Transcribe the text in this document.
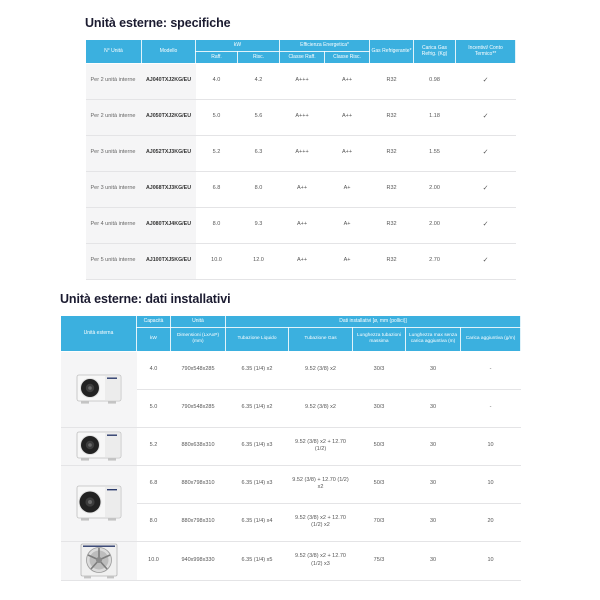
Unità esterne: specifiche
N° Unità	Modello	kW		Efficienza Energetica*		Gas Refrigerante*	Carica Gas Refrig. (Kg)	Incentivi/ Conto Termico**
		Raff.	Risc.	Classe Raff.	Classe Risc.			
Per 2 unità interne	AJ040TXJ2KG/EU	4.0	4.2	A+++	A++	R32	0.98	✓
Per 2 unità interne	AJ050TXJ2KG/EU	5.0	5.6	A+++	A++	R32	1.18	✓
Per 3 unità interne	AJ052TXJ3KG/EU	5.2	6.3	A+++	A++	R32	1.55	✓
Per 3 unità interne	AJ068TXJ3KG/EU	6.8	8.0	A++	A+	R32	2.00	✓
Per 4 unità interne	AJ080TXJ4KG/EU	8.0	9.3	A++	A+	R32	2.00	✓
Per 5 unità interne	AJ100TXJ5KG/EU	10.0	12.0	A++	A+	R32	2.70	✓
Unità esterne: dati installativi
Unità esterna	Capacità	Unità	Dati installativi [ø, mm (pollici)]				
	kW	Dimensioni (LxAxP) (mm)	Tubazione Liquido	Tubazione Gas	Lunghezza tubazioni massima	Lunghezza max senza carica aggiuntiva (m)	Carica aggiuntiva (g/m)

	4.0	790x548x285	6.35 (1/4) x2	9.52 (3/8) x2	30/3	30	-
	5.0	790x548x285	6.35 (1/4) x2	9.52 (3/8) x2	30/3	30	-

	5.2	880x638x310	6.35 (1/4) x3	9.52 (3/8) x2 + 12.70 (1/2)	50/3	30	10

	6.8	880x798x310	6.35 (1/4) x3	9.52 (3/8) + 12.70 (1/2) x2	50/3	30	10
	8.0	880x798x310	6.35 (1/4) x4	9.52 (3/8) x2 + 12.70 (1/2) x2	70/3	30	20

	10.0	940x998x330	6.35 (1/4) x5	9.52 (3/8) x2 + 12.70 (1/2) x3	75/3	30	10
